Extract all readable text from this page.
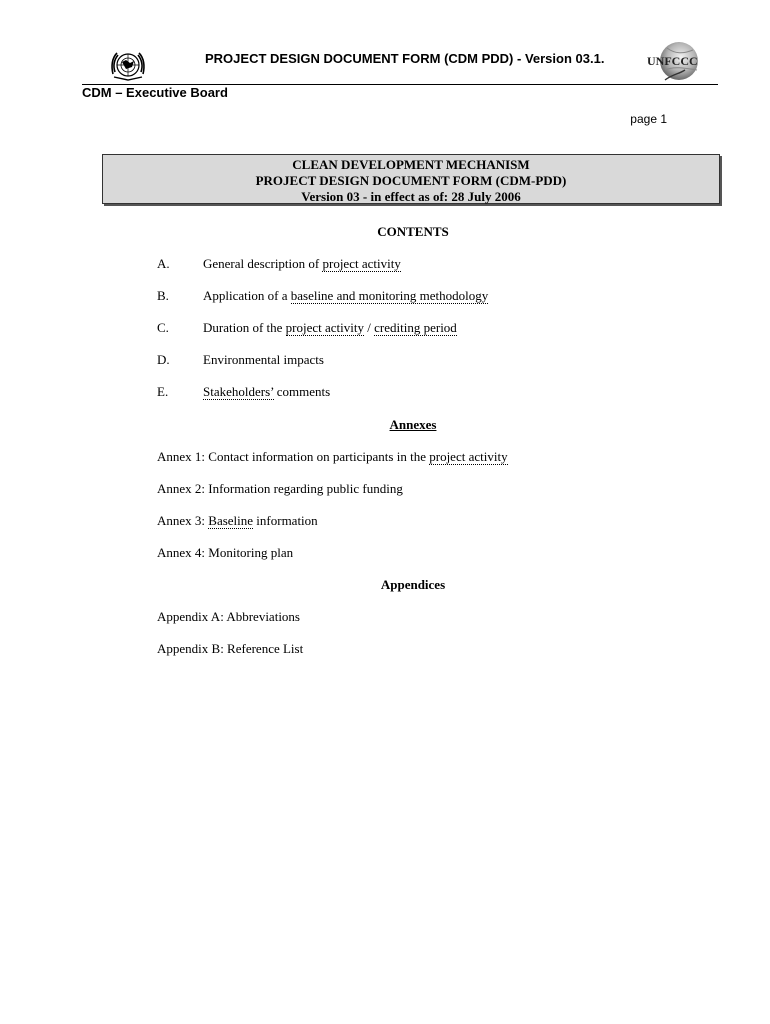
PROJECT DESIGN DOCUMENT FORM (CDM PDD) - Version 03.1.	UNFCCC
CDM – Executive Board
page 1
CLEAN DEVELOPMENT MECHANISM
PROJECT DESIGN DOCUMENT FORM (CDM-PDD)
Version 03 - in effect as of: 28 July 2006
CONTENTS
A.	General description of project activity
B.	Application of a baseline and monitoring methodology
C.	Duration of the project activity / crediting period
D.	Environmental impacts
E.	Stakeholders’ comments
Annexes
Annex 1: Contact information on participants in the project activity
Annex 2: Information regarding public funding
Annex 3: Baseline information
Annex 4: Monitoring plan
Appendices
Appendix A: Abbreviations
Appendix B: Reference List
